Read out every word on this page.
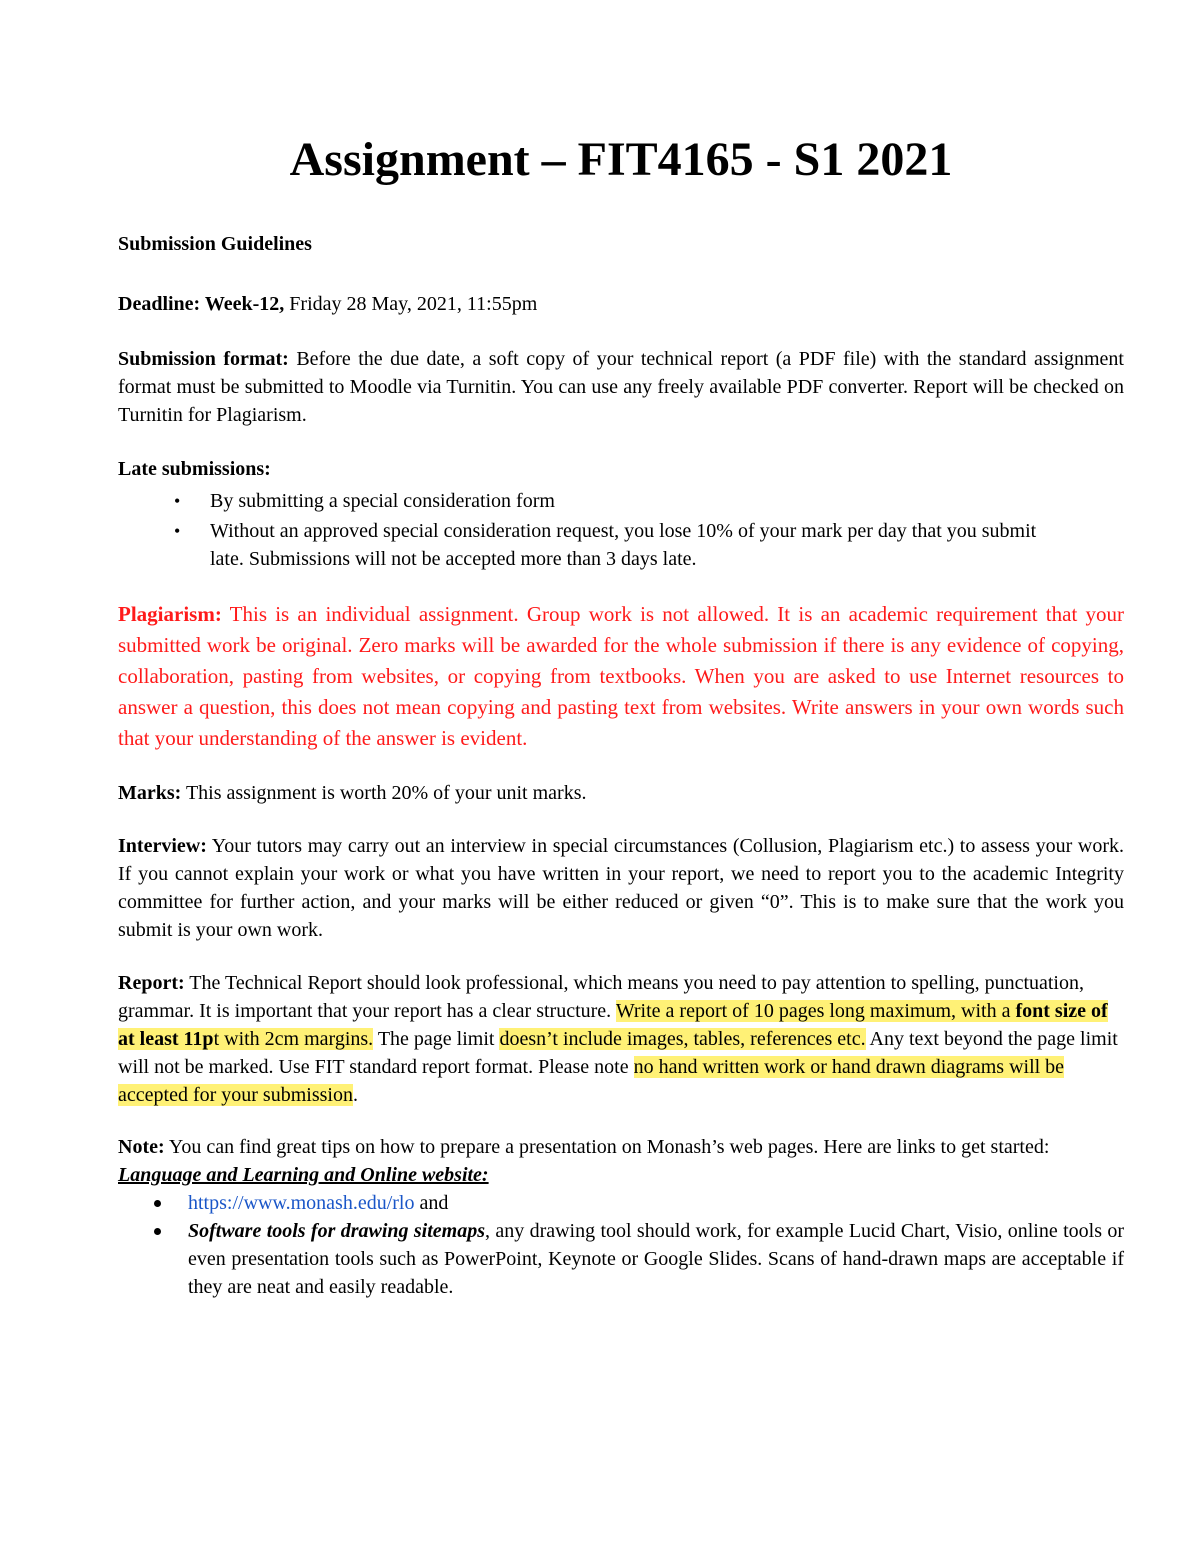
Assignment – FIT4165 - S1 2021
Submission Guidelines

Deadline: Week-12, Friday 28 May, 2021, 11:55pm

Submission format: Before the due date, a soft copy of your technical report (a PDF file) with the standard assignment format must be submitted to Moodle via Turnitin. You can use any freely available PDF converter. Report will be checked on Turnitin for Plagiarism.

Late submissions:

• By submitting a special consideration form
• Without an approved special consideration request, you lose 10% of your mark per day that you submit late. Submissions will not be accepted more than 3 days late.

Plagiarism: This is an individual assignment. Group work is not allowed. It is an academic requirement that your submitted work be original. Zero marks will be awarded for the whole submission if there is any evidence of copying, collaboration, pasting from websites, or copying from textbooks. When you are asked to use Internet resources to answer a question, this does not mean copying and pasting text from websites. Write answers in your own words such that your understanding of the answer is evident.

Marks: This assignment is worth 20% of your unit marks.

Interview: Your tutors may carry out an interview in special circumstances (Collusion, Plagiarism etc.) to assess your work. If you cannot explain your work or what you have written in your report, we need to report you to the academic Integrity committee for further action, and your marks will be either reduced or given “0”. This is to make sure that the work you submit is your own work.

Report: The Technical Report should look professional, which means you need to pay attention to spelling, punctuation, grammar. It is important that your report has a clear structure. Write a report of 10 pages long maximum, with a font size of at least 11pt with 2cm margins. The page limit doesn’t include images, tables, references etc. Any text beyond the page limit will not be marked. Use FIT standard report format. Please note no hand written work or hand drawn diagrams will be accepted for your submission.

Note: You can find great tips on how to prepare a presentation on Monash’s web pages. Here are links to get started:

Language and Learning and Online website:

https://www.monash.edu/rlo and
Software tools for drawing sitemaps, any drawing tool should work, for example Lucid Chart, Visio, online tools or even presentation tools such as PowerPoint, Keynote or Google Slides. Scans of hand-drawn maps are acceptable if they are neat and easily readable.
